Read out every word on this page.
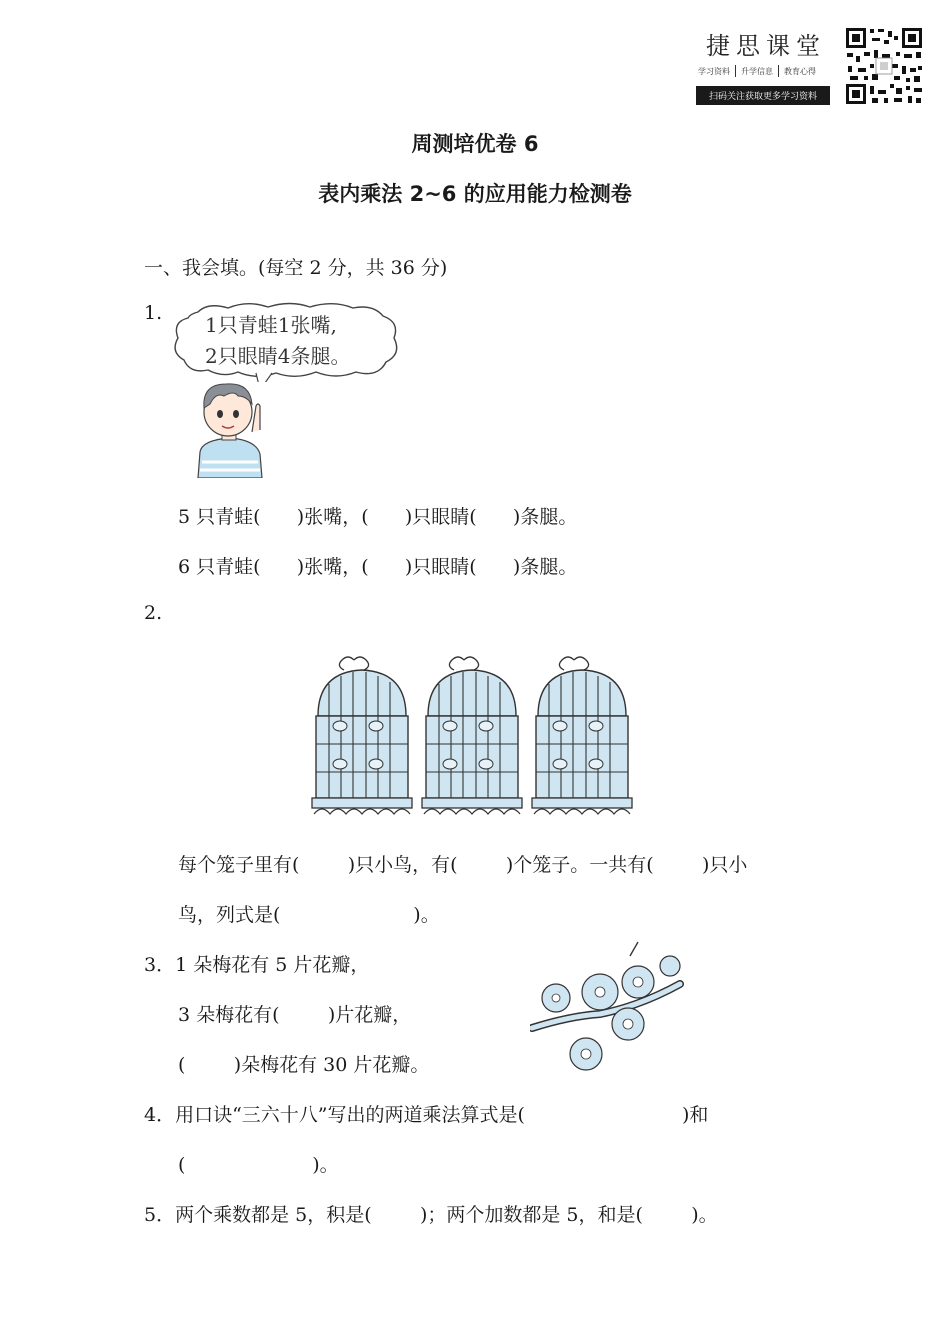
捷思课堂
学习资料 升学信息 教育心得
扫码关注获取更多学习资料
周测培优卷 6
表内乘法 2~6 的应用能力检测卷
一、我会填。(每空 2 分，共 36 分)
1. 1只青蛙1张嘴,
2只眼睛4条腿。
5 只青蛙(      )张嘴，(      )只眼睛(      )条腿。
6 只青蛙(      )张嘴，(      )只眼睛(      )条腿。
2.
每个笼子里有(        )只小鸟，有(        )个笼子。一共有(        )只小
鸟，列式是(                      )。
3．1 朵梅花有 5 片花瓣，
3 朵梅花有(        )片花瓣，
(        )朵梅花有 30 片花瓣。
4．用口诀“三六十八”写出的两道乘法算式是(                          )和
(                     )。
5．两个乘数都是 5，积是(        )；两个加数都是 5，和是(        )。
